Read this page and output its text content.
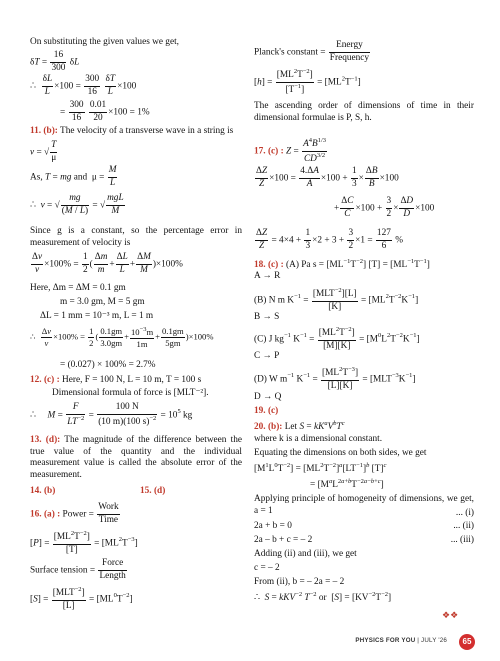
On substituting the given values we get,
$\delta T = \frac{16}{300}$ δL
∴ $\frac{\delta L}{L} \times 100 = \frac{300}{16}$
$\frac{\delta T}{L} \times 100$
= $\frac{300}{16}$
$\frac{0.01}{20} \times 100 = 1\%$
11. (b): The velocity of a transverse wave in a string is
v = √ $\frac{T}{\mu}$
As, T = mg and  $\mu = \frac{M}{L}$
∴  v = √ $\frac{mg}{(M / L)}$ = √
mgL
M
Since g is a constant, so the percentage error in measurement of velocity is
$\frac{\Delta v}{v} \times 100\% = \frac{1}{2}$ ( $\frac{\Delta m}{m} + \frac{\Delta L}{L} + \frac{\Delta M}{M} )\times 100\%$
Here, Δm = ΔM = 0.1 gm
m = 3.0 gm, M = 5 gm
ΔL = 1 mm = 10⁻³ m, L = 1 m
∴ $\frac{\Delta v}{v} \times 100\% = \frac{1}{2}$ ( $\frac{0.1gm}{3.0gm} + \frac{10^{-3}m}{1m} + \frac{0.1gm}{5gm} )\times 100\%$
= (0.027) × 100% = 2.7%
12. (c) : Here, F = 100 N, L = 10 m, T = 100 s
Dimensional formula of force is [MLT⁻²].
∴     $M = \frac{F}{LT^{-2}} = \frac{100 N}{(10 m)(100 s)^{-2}} = 10^5$ kg
13. (d): The magnitude of the difference between the true value of the quantity and the individual measurement value is called the absolute error of the measurement.
14. (b)	15. (d)
16. (a) : Power =
Work
Time
$[P] = \frac{[ML^2T^{-2}]}{[T]} = [ML^2T^{-3}]$
Surface tension =
Force
Length
[S] =
$[MLT^{-2}]$
[L]
= $[ML^0T^{-2}]$
Planck's constant =
Energy
Frequency
$[h] = \frac{[ML^2T^{-2}]}{[T^{-1}]} = [ML^2T^{-1}]$
The ascending order of dimensions of time in their dimensional formulae is P, S, h.
17. (c) : $Z = \frac{A^4B^{1/3}}{CD^{3/2}}$
$\frac{\Delta Z}{Z} \times 100 = \frac{4.\Delta A}{A} \times 100 + \frac{1}{3} \times \frac{\Delta B}{B} \times 100$
+ $\frac{\Delta C}{C} \times 100 + \frac{3}{2} \times \frac{\Delta D}{D} \times 100$
$\frac{\Delta Z}{Z} = 4\times 4 + \frac{1}{3} \times 2 + 3 + \frac{3}{2} \times 1 = \frac{127}{6}$ %
18. (c) : (A) Pa $s = [ML^{-1}T^{-2}] [T] = [ML^{-1}T^{-1}]$
A → R
(B) N m $K^{-1}$ =
$[MLT^{-2}][L]$
[K]
= $[ML^2T^{-2}K^{-1}]$
B → S
(C) J $kg^{-1}$ $K^{-1} = \frac{[ML^2T^{-2}]}{[M][K]} = [M^0L^2T^{-2}K^{-1}]$
C → P
(D) W $m^{-1}$ $K^{-1} = \frac{[ML^2T^{-3}]}{[L][K]} = [MLT^{-3}K^{-1}]$
D → Q
19. (c)
20. (b): Let $S = kK^aV^bT^c$
where k is a dimensional constant.
Equating the dimensions on both sides, we get
$[M^1L^0T^{-2}] = [ML^2T^{-2}]^a[LT^{-1}]^b$ $[T]^c$
= $[M^aL^{2a+b}T^{-2a-b+c}]$
Applying principle of homogeneity of dimensions, we get, a = 1	... (i)
2a + b = 0	... (ii)
2a – b + c = – 2	... (iii)
Adding (ii) and (iii), we get
c = – 2
From (ii), b = – 2a = – 2
∴  S = kKV$^{-2}$ $T^{-2}$ or  $[S] = [KV^{-2}T^{-2}]$
❖❖
PHYSICS FOR YOU | JULY '26	65
